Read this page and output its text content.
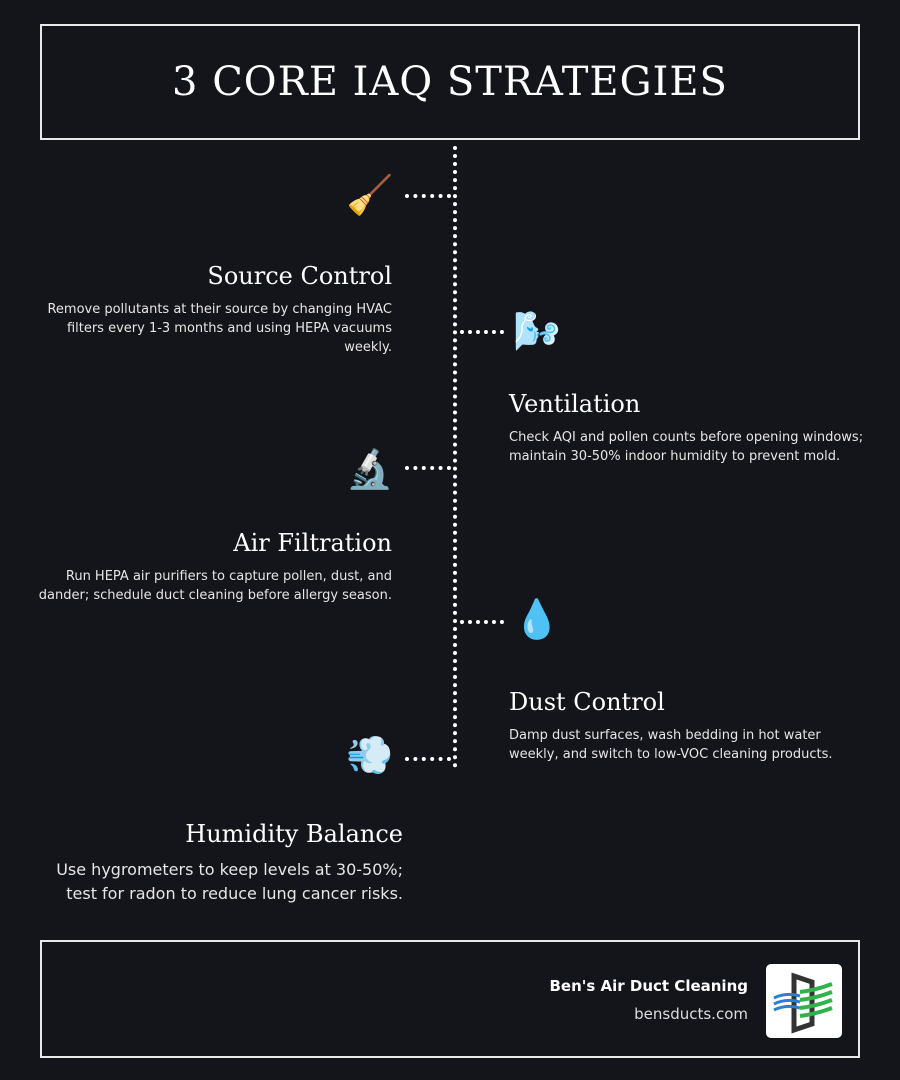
3 CORE IAQ STRATEGIES
🧹
Source Control

Remove pollutants at their source by changing HVAC filters every 1-3 months and using HEPA vacuums weekly.	🌬️
Ventilation

Check AQI and pollen counts before opening windows; maintain 30-50% indoor humidity to prevent mold.

🔬
Air Filtration

Run HEPA air purifiers to capture pollen, dust, and dander; schedule duct cleaning before allergy season.

💧
Dust Control

Damp dust surfaces, wash bedding in hot water weekly, and switch to low-VOC cleaning products.

💨
Humidity Balance

Use hygrometers to keep levels at 30-50%; test for radon to reduce lung cancer risks.

Ben's Air Duct Cleaning
bensducts.com
